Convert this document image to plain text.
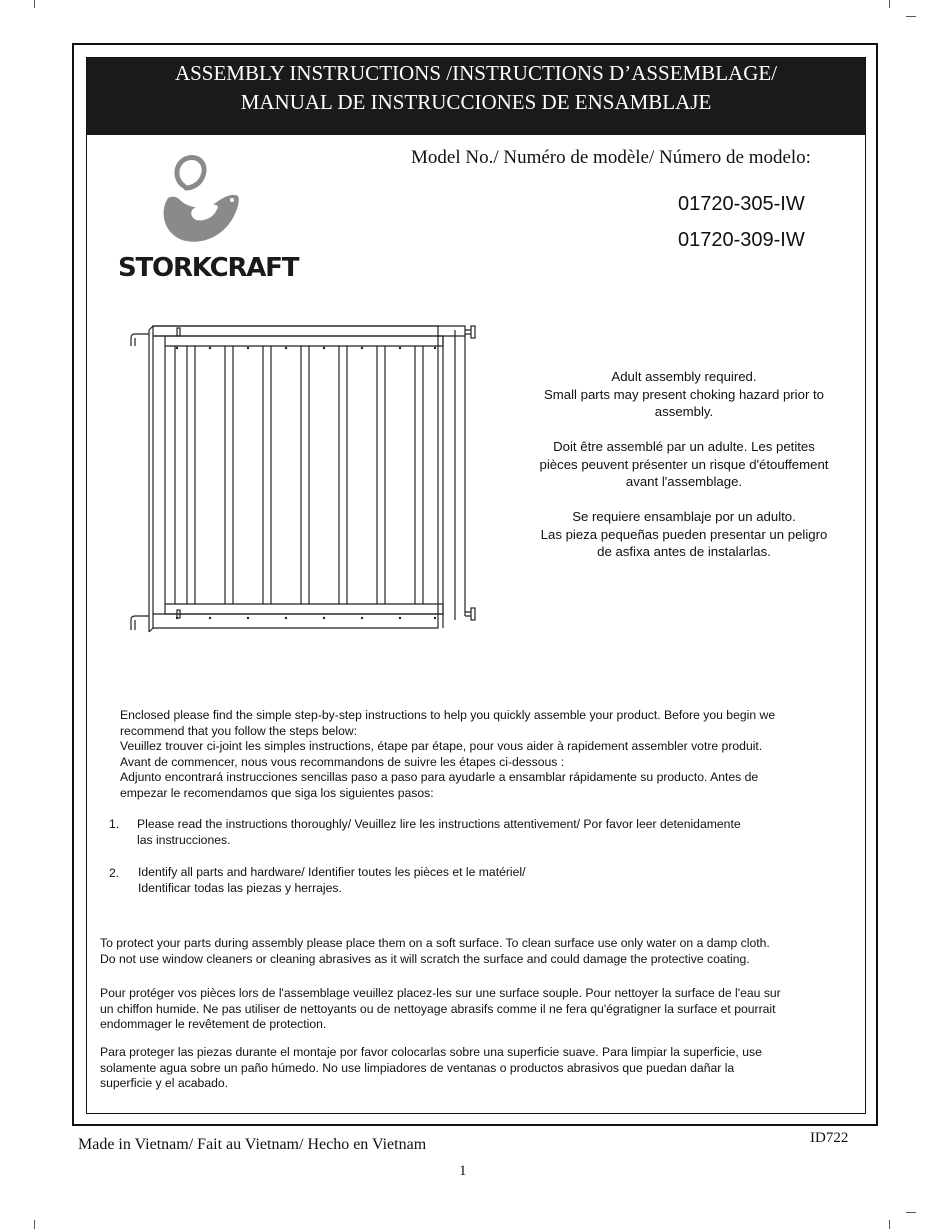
ASSEMBLY INSTRUCTIONS /INSTRUCTIONS D’ASSEMBLAGE/
MANUAL DE INSTRUCCIONES DE ENSAMBLAJE
Model No./ Numéro de modèle/ Número de modelo:
01720-305-IW
01720-309-IW
STORKCRAFT
Adult assembly required.
Small parts may present choking hazard prior to
assembly.
Doit être assemblé par un adulte. Les petites
pièces peuvent présenter un risque d'étouffement
avant l'assemblage.
Se requiere ensamblaje por un adulto.
Las pieza pequeñas pueden presentar un peligro
de asfixa antes de instalarlas.
Enclosed please find the simple step-by-step instructions to help you quickly assemble your product. Before you begin we
recommend that you follow the steps below:
Veuillez trouver ci-joint les simples instructions, étape par étape, pour vous aider à rapidement assembler votre produit.
Avant de commencer, nous vous recommandons de suivre les étapes ci-dessous :
Adjunto encontrará instrucciones sencillas paso a paso para ayudarle a ensamblar rápidamente su producto. Antes de
empezar le recomendamos que siga los siguientes pasos:
1. Please read the instructions thoroughly/ Veuillez lire les instructions attentivement/ Por favor leer detenidamente
las instrucciones.
2. Identify all parts and hardware/ Identifier toutes les pièces et le matériel/
Identificar todas las piezas y herrajes.
To protect your parts during assembly please place them on a soft surface. To clean surface use only water on a damp cloth.
Do not use window cleaners or cleaning abrasives as it will scratch the surface and could damage the protective coating.
Pour protéger vos pièces lors de l'assemblage veuillez placez-les sur une surface souple. Pour nettoyer la surface de l'eau sur
un chiffon humide. Ne pas utiliser de nettoyants ou de nettoyage abrasifs comme il ne fera qu'égratigner la surface et pourrait
endommager le revêtement de protection.
Para proteger las piezas durante el montaje por favor colocarlas sobre una superficie suave. Para limpiar la superficie, use
solamente agua sobre un paño húmedo. No use limpiadores de ventanas o productos abrasivos que puedan dañar la
superficie y el acabado.
Made in Vietnam/ Fait au Vietnam/ Hecho en Vietnam	ID722
1
